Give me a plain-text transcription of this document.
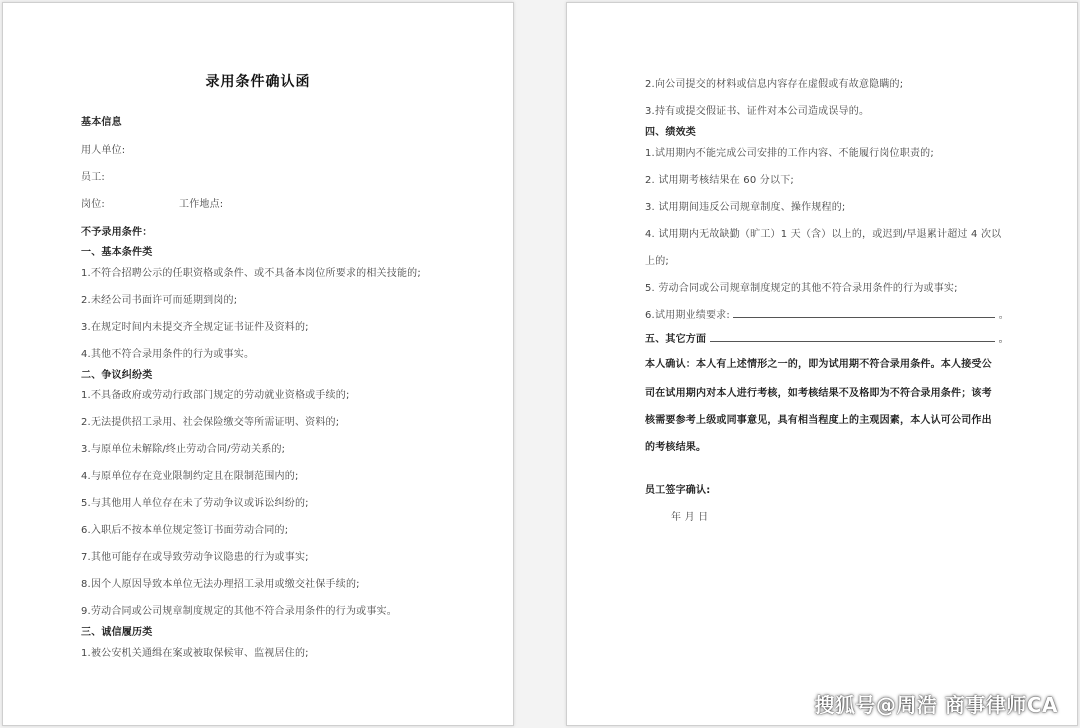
录用条件确认函
基本信息
用人单位:
员工:
岗位:	工作地点:
不予录用条件：
一、基本条件类
1.不符合招聘公示的任职资格或条件、或不具备本岗位所要求的相关技能的;
2.未经公司书面许可而延期到岗的;
3.在规定时间内未提交齐全规定证书证件及资料的;
4.其他不符合录用条件的行为或事实。
二、争议纠纷类
1.不具备政府或劳动行政部门规定的劳动就业资格或手续的;
2.无法提供招工录用、社会保险缴交等所需证明、资料的;
3.与原单位未解除/终止劳动合同/劳动关系的;
4.与原单位存在竞业限制约定且在限制范围内的;
5.与其他用人单位存在未了劳动争议或诉讼纠纷的;
6.入职后不按本单位规定签订书面劳动合同的;
7.其他可能存在或导致劳动争议隐患的行为或事实;
8.因个人原因导致本单位无法办理招工录用或缴交社保手续的;
9.劳动合同或公司规章制度规定的其他不符合录用条件的行为或事实。
三、诚信履历类
1.被公安机关通缉在案或被取保候审、监视居住的;
2.向公司提交的材料或信息内容存在虚假或有故意隐瞒的;
3.持有或提交假证书、证件对本公司造成误导的。
四、绩效类
1.试用期内不能完成公司安排的工作内容、不能履行岗位职责的;
2. 试用期考核结果在 60 分以下;
3. 试用期间违反公司规章制度、操作规程的;
4. 试用期内无故缺勤（旷工）1 天（含）以上的，或迟到/早退累计超过 4 次以
上的;
5. 劳动合同或公司规章制度规定的其他不符合录用条件的行为或事实;
6.试用期业绩要求:	。
五、其它方面	。
本人确认：本人有上述情形之一的，即为试用期不符合录用条件。本人接受公
司在试用期内对本人进行考核，如考核结果不及格即为不符合录用条件；该考
核需要参考上级或同事意见，具有相当程度上的主观因素，本人认可公司作出
的考核结果。
员工签字确认:
年 月 日
搜狐号@周浩 商事律师CA
